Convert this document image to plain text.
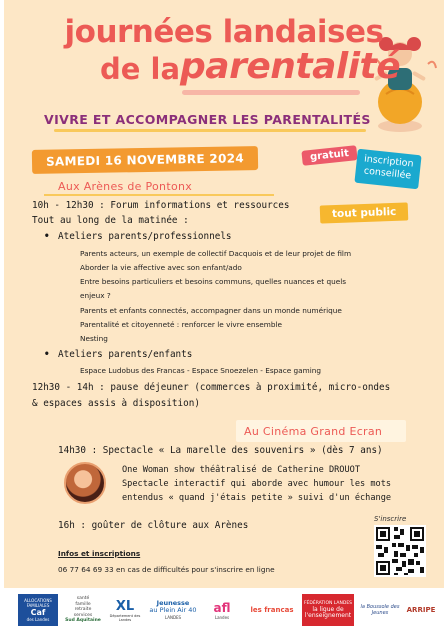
journées landaises
de la parentalité
VIVRE ET ACCOMPAGNER LES PARENTALITÉS
SAMEDI 16 NOVEMBRE 2024	gratuit	inscription
conseillée
tout public
Aux Arènes de Pontonx
10h - 12h30 : Forum informations et ressources
Tout au long de la matinée :
• Ateliers parents/professionnels
Parents acteurs, un exemple de collectif Dacquois et de leur projet de film
Aborder la vie affective avec son enfant/ado
Entre besoins particuliers et besoins communs, quelles nuances et quels
enjeux ?
Parents et enfants connectés, accompagner dans un monde numérique
Parentalité et citoyenneté : renforcer le vivre ensemble
Nesting
• Ateliers parents/enfants
Espace Ludobus des Francas - Espace Snoezelen - Espace gaming
12h30 - 14h : pause déjeuner (commerces à proximité, micro-ondes
& espaces assis à disposition)
Au Cinéma Grand Ecran
14h30 : Spectacle « La marelle des souvenirs » (dès 7 ans)
One Woman show théâtralisé de Catherine DROUOT
Spectacle interactif qui aborde avec humour les mots
entendus « quand j'étais petite » suivi d'un échange
16h : goûter de clôture aux Arènes
Infos et inscriptions
06 77 64 69 33 en cas de difficultés pour s'inscrire en ligne
S'inscrire
ALLOCATIONS
FAMILIALES
Caf
des Landes
santé
famille
retraite
services
Sud Aquitaine
XL
Département des Landes
Jeunesse
au Plein Air 40
LANDES
afl
Landes
les francas
FÉDÉRATION LANDES
la ligue de
l'enseignement
la Boussole des Jeunes	ARRIPE
